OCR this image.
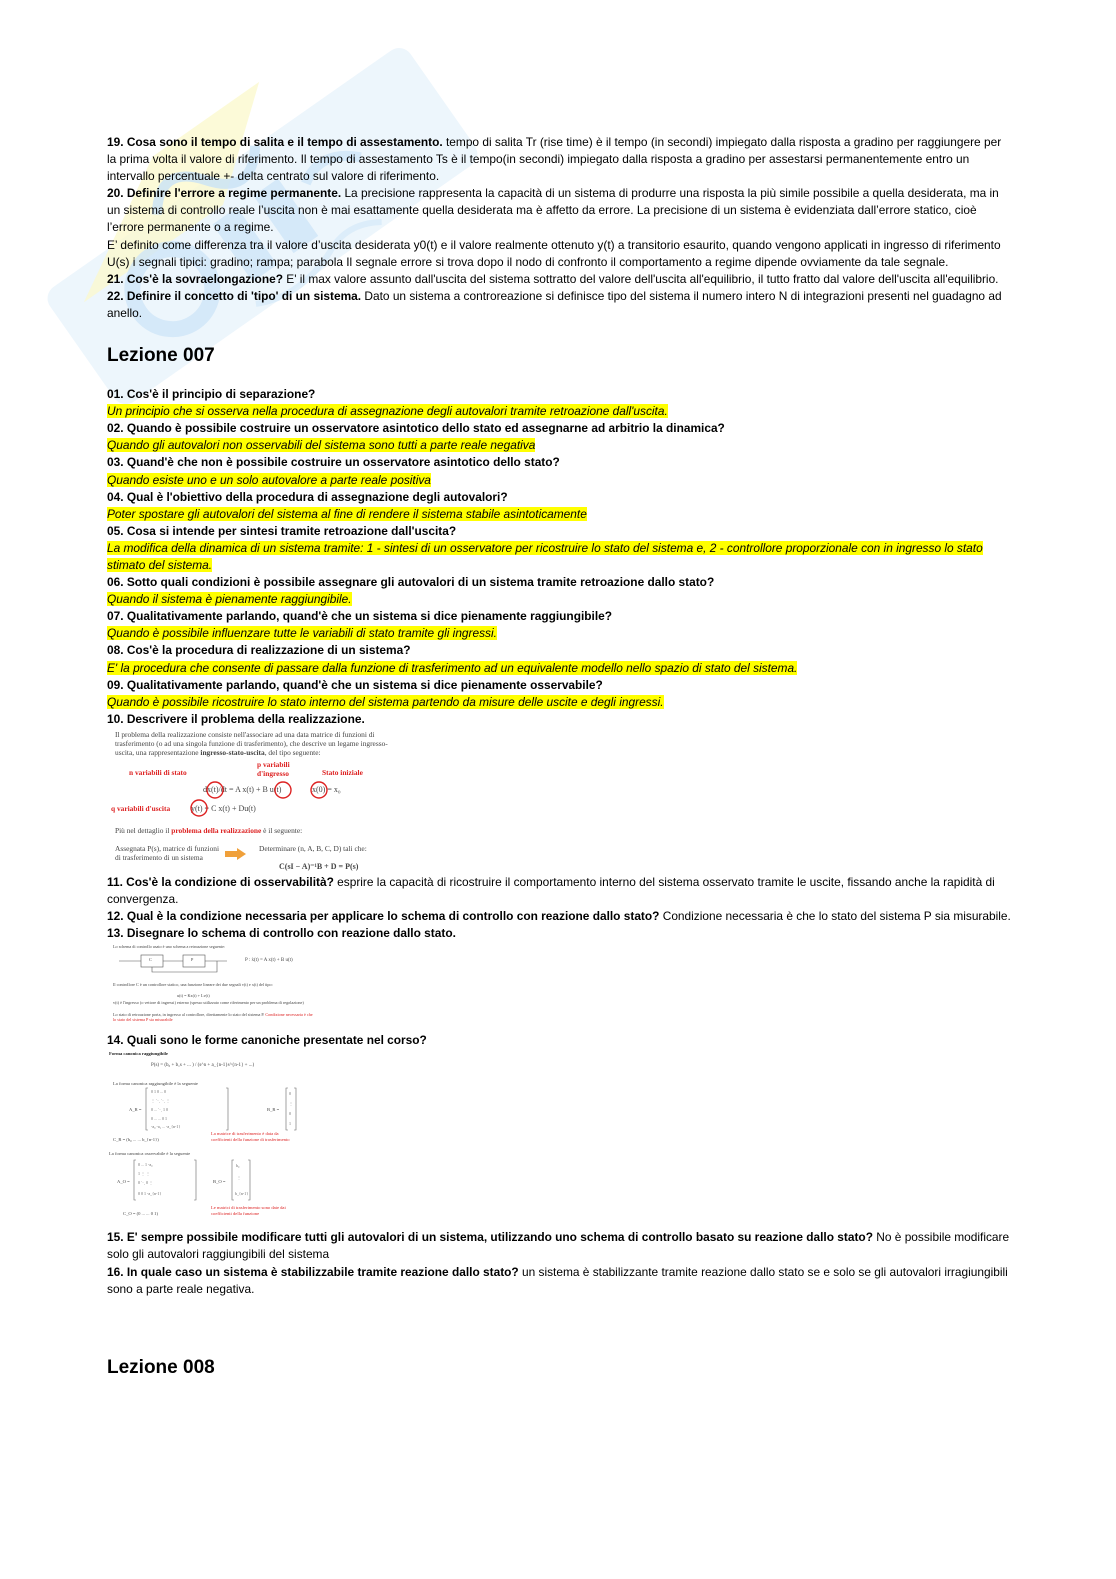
19. Cosa sono il tempo di salita e il tempo di assestamento. tempo di salita Tr (rise time) è il tempo (in secondi) impiegato dalla risposta a gradino per raggiungere per la prima volta il valore di riferimento. Il tempo di assestamento Ts è il tempo(in secondi) impiegato dalla risposta a gradino per assestarsi permanentemente entro un intervallo percentuale +- delta centrato sul valore di riferimento.

20. Definire l'errore a regime permanente. La precisione rappresenta la capacità di un sistema di produrre una risposta la più simile possibile a quella desiderata, ma in un sistema di controllo reale l’uscita non è mai esattamente quella desiderata ma è affetto da errore. La precisione di un sistema è evidenziata dall’errore statico, cioè l’errore permanente o a regime.

E’ definito come differenza tra il valore d’uscita desiderata y0(t) e il valore realmente ottenuto y(t) a transitorio esaurito, quando vengono applicati in ingresso di riferimento U(s) i segnali tipici: gradino; rampa; parabola Il segnale errore si trova dopo il nodo di confronto il comportamento a regime dipende ovviamente da tale segnale.

21. Cos'è la sovraelongazione? E' il max valore assunto dall'uscita del sistema sottratto del valore dell'uscita all'equilibrio, il tutto fratto dal valore dell'uscita all'equilibrio.

22. Definire il concetto di 'tipo' di un sistema. Dato un sistema a controreazione si definisce tipo del sistema il numero intero N di integrazioni presenti nel guadagno ad anello.

Lezione 007

01. Cos'è il principio di separazione?

Un principio che si osserva nella procedura di assegnazione degli autovalori tramite retroazione dall'uscita.

02. Quando è possibile costruire un osservatore asintotico dello stato ed assegnarne ad arbitrio la dinamica?

Quando gli autovalori non osservabili del sistema sono tutti a parte reale negativa

03. Quand'è che non è possibile costruire un osservatore asintotico dello stato?

Quando esiste uno e un solo autovalore a parte reale positiva

04. Qual è l'obiettivo della procedura di assegnazione degli autovalori?

Poter spostare gli autovalori del sistema al fine di rendere il sistema stabile asintoticamente

05. Cosa si intende per sintesi tramite retroazione dall'uscita?

La modifica della dinamica di un sistema tramite: 1 - sintesi di un osservatore per ricostruire lo stato del sistema e, 2 - controllore proporzionale con in ingresso lo stato stimato del sistema.

06. Sotto quali condizioni è possibile assegnare gli autovalori di un sistema tramite retroazione dallo stato?

Quando il sistema è pienamente raggiungibile.

07. Qualitativamente parlando, quand'è che un sistema si dice pienamente raggiungibile?

Quando è possibile influenzare tutte le variabili di stato tramite gli ingressi.

08. Cos'è la procedura di realizzazione di un sistema?

E' la procedura che consente di passare dalla funzione di trasferimento ad un equivalente modello nello spazio di stato del sistema.

09. Qualitativamente parlando, quand'è che un sistema si dice pienamente osservabile?

Quando è possibile ricostruire lo stato interno del sistema partendo da misure delle uscite e degli ingressi.

10. Descrivere il problema della realizzazione.

Il problema della realizzazione consiste nell'associare ad una data matrice di funzioni di trasferimento (o ad una singola funzione di trasferimento), che descrive un legame ingresso-uscita, una rappresentazione ingresso-stato-uscita, del tipo seguente:
n variabili di stato
p variabili d'ingresso	Stato iniziale
dx(t)/dt = A x(t) + B u(t)	x(0) = x₀
q variabili d'uscita	y(t) = C x(t) + Du(t)
Più nel dettaglio il problema della realizzazione è il seguente:
Assegnata P(s), matrice di funzioni di trasferimento di un sistema
Determinare (n, A, B, C, D) tali che:
C(sI − A)⁻¹B + D = P(s)

11. Cos'è la condizione di osservabilità? esprire la capacità di ricostruire il comportamento interno del sistema osservato tramite le uscite, fissando anche la rapidità di convergenza.

12. Qual è la condizione necessaria per applicare lo schema di controllo con reazione dallo stato? Condizione necessaria è che lo stato del sistema P sia misurabile.

13. Disegnare lo schema di controllo con reazione dallo stato.

Lo schema di controllo usato è uno schema a retroazione seguente:
C	P	P : ẋ(t) = A x(t) + B u(t)
Il controllore C è un controllore statico, una funzione lineare dei due segnali v(t) e x(t) del tipo:
u(t) = Kx(t) + Lv(t)
v(t) è l'ingresso (o vettore di ingressi) esterno (spesso utilizzato come riferimento per un problema di regolazione)
Lo stato di retroazione porta, in ingresso al controllore, direttamente lo stato del sistema P. Condizione necessaria è che lo stato del sistema P sia misurabile

14. Quali sono le forme canoniche presentate nel corso?

Forma canonica raggiungibile
P(s) = (b₀ + b₁s + ... ) / (s^n + a_{n-1}s^{n-1} + ...)
La forma canonica raggiungibile è la seguente
A_R =
0 1 0 ... 0
⋮ ⋱ ⋱ ⋮
0 ... ⋱ 1 0
0 ... ... 0 1
-a₀ -a₁ ... -a_{n-1}
B_R =
0
⋮
0
1
C_R = (b₀ ... ... b_{n-1})
La matrice di trasferimento è data da coefficienti della funzione di trasferimento
La forma canonica osservabile è la seguente
A_O =
0 ... 1 -a₀
1 ⋮ ⋮
0 ⋱ 0 ⋮
0 0 1 -a_{n-1}
B_O =
b₀
⋮
b_{n-1}
C_O = (0 ... ... 0 1)
Le matrici di trasferimento sono date dai coefficienti della funzione

15. E' sempre possibile modificare tutti gli autovalori di un sistema, utilizzando uno schema di controllo basato su reazione dallo stato? No è possibile modificare solo gli autovalori raggiungibili del sistema

16. In quale caso un sistema è stabilizzabile tramite reazione dallo stato? un sistema è stabilizzante tramite reazione dallo stato se e solo se gli autovalori irragiungibili sono a parte reale negativa.

Lezione 008
